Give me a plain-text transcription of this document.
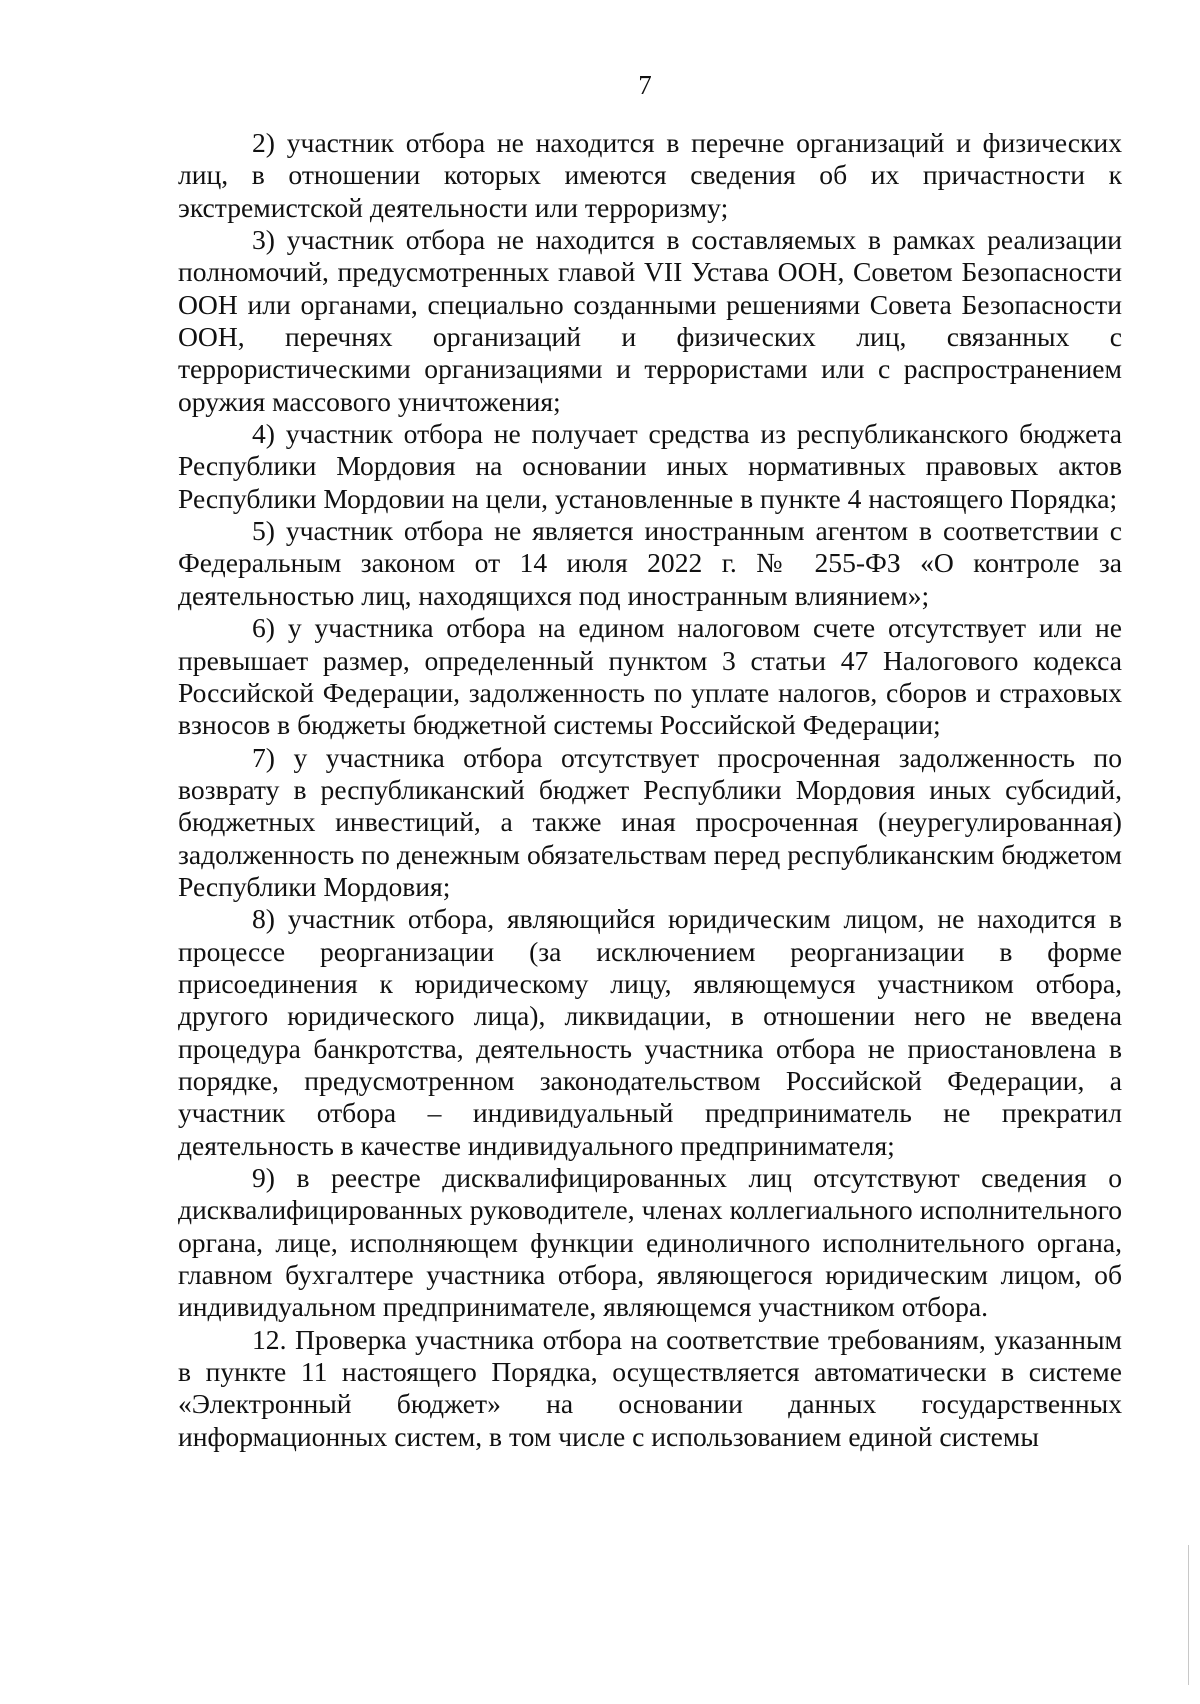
7

2) участник отбора не находится в перечне организаций и физических лиц, в отношении которых имеются сведения об их причастности к экстремистской деятельности или терроризму;

3) участник отбора не находится в составляемых в рамках реализации полномочий, предусмотренных главой VII Устава ООН, Советом Безопасности ООН или органами, специально созданными решениями Совета Безопасности ООН, перечнях организаций и физических лиц, связанных с террористическими организациями и террористами или с распространением оружия массового уничтожения;

4) участник отбора не получает средства из республиканского бюджета Республики Мордовия на основании иных нормативных правовых актов Республики Мордовии на цели, установленные в пункте 4 настоящего Порядка;

5) участник отбора не является иностранным агентом в соответствии с Федеральным законом от 14 июля 2022 г. № 255-ФЗ «О контроле за деятельностью лиц, находящихся под иностранным влиянием»;

6) у участника отбора на едином налоговом счете отсутствует или не превышает размер, определенный пунктом 3 статьи 47 Налогового кодекса Российской Федерации, задолженность по уплате налогов, сборов и страховых взносов в бюджеты бюджетной системы Российской Федерации;

7) у участника отбора отсутствует просроченная задолженность по возврату в республиканский бюджет Республики Мордовия иных субсидий, бюджетных инвестиций, а также иная просроченная (неурегулированная) задолженность по денежным обязательствам перед республиканским бюджетом Республики Мордовия;

8) участник отбора, являющийся юридическим лицом, не находится в процессе реорганизации (за исключением реорганизации в форме присоединения к юридическому лицу, являющемуся участником отбора, другого юридического лица), ликвидации, в отношении него не введена процедура банкротства, деятельность участника отбора не приостановлена в порядке, предусмотренном законодательством Российской Федерации, а участник отбора – индивидуальный предприниматель не прекратил деятельность в качестве индивидуального предпринимателя;

9) в реестре дисквалифицированных лиц отсутствуют сведения о дисквалифицированных руководителе, членах коллегиального исполнительного органа, лице, исполняющем функции единоличного исполнительного органа, главном бухгалтере участника отбора, являющегося юридическим лицом, об индивидуальном предпринимателе, являющемся участником отбора.

12. Проверка участника отбора на соответствие требованиям, указанным в пункте 11 настоящего Порядка, осуществляется автоматически в системе «Электронный бюджет» на основании данных государственных информационных систем, в том числе с использованием единой системы
